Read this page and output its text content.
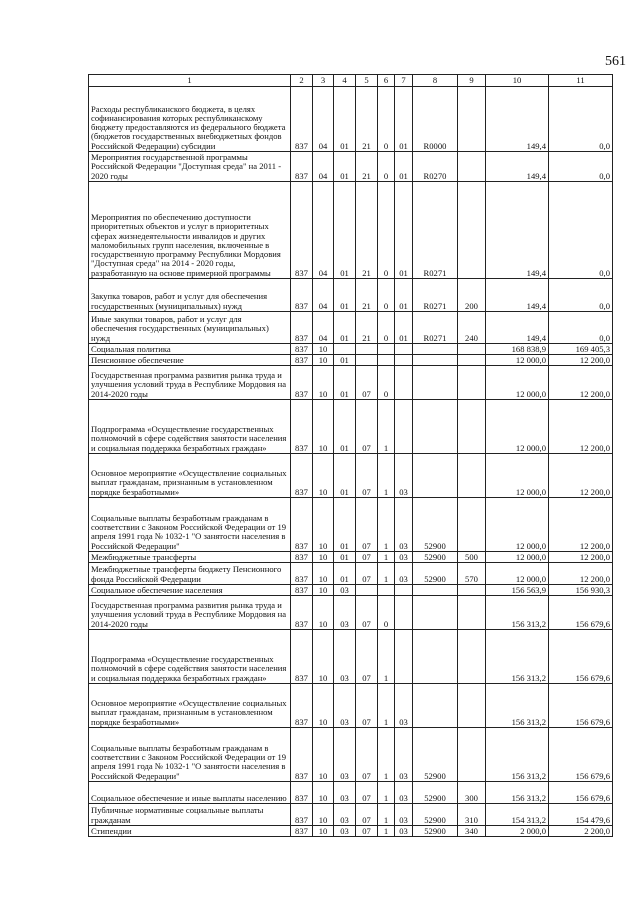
561
1	2	3	4	5	6	7	8	9	10	11
Расходы республиканского бюджета, в целях софинансирования которых республиканскому бюджету предоставляются из федерального бюджета (бюджетов государственных внебюджетных фондов Российской Федерации) субсидии	837	04	01	21	0	01	R0000		149,4	0,0
Мероприятия государственной программы Российской Федерации "Доступная среда" на 2011 - 2020 годы	837	04	01	21	0	01	R0270		149,4	0,0
Мероприятия по обеспечению доступности приоритетных объектов и услуг в приоритетных сферах жизнедеятельности инвалидов и других маломобильных групп населения, включенные в государственную программу Республики Мордовия "Доступная среда" на 2014 - 2020 годы, разработанную на основе примерной программы	837	04	01	21	0	01	R0271		149,4	0,0
Закупка товаров, работ и услуг для обеспечения государственных (муниципальных) нужд	837	04	01	21	0	01	R0271	200	149,4	0,0
Иные закупки товаров, работ и услуг для обеспечения государственных (муниципальных) нужд	837	04	01	21	0	01	R0271	240	149,4	0,0
Социальная политика	837	10							168 838,9	169 405,3
Пенсионное обеспечение	837	10	01						12 000,0	12 200,0
Государственная программа развития рынка труда и улучшения условий труда в Республике Мордовия на 2014-2020 годы	837	10	01	07	0				12 000,0	12 200,0
Подпрограмма «Осуществление государственных полномочий в сфере содействия занятости населения и социальная поддержка безработных граждан»	837	10	01	07	1				12 000,0	12 200,0
Основное мероприятие «Осуществление социальных выплат гражданам, признанным в установленном порядке безработными»	837	10	01	07	1	03			12 000,0	12 200,0
Социальные выплаты безработным гражданам в соответствии с Законом Российской Федерации от 19 апреля 1991 года № 1032-1 "О занятости населения в Российской Федерации"	837	10	01	07	1	03	52900		12 000,0	12 200,0
Межбюджетные трансферты	837	10	01	07	1	03	52900	500	12 000,0	12 200,0
Межбюджетные трансферты бюджету Пенсионного фонда Российской Федерации	837	10	01	07	1	03	52900	570	12 000,0	12 200,0
Социальное обеспечение населения	837	10	03						156 563,9	156 930,3
Государственная программа развития рынка труда и улучшения условий труда в Республике Мордовия на 2014-2020 годы	837	10	03	07	0				156 313,2	156 679,6
Подпрограмма «Осуществление государственных полномочий в сфере содействия занятости населения и социальная поддержка безработных граждан»	837	10	03	07	1				156 313,2	156 679,6
Основное мероприятие «Осуществление социальных выплат гражданам, признанным в установленном порядке безработными»	837	10	03	07	1	03			156 313,2	156 679,6
Социальные выплаты безработным гражданам в соответствии с Законом Российской Федерации от 19 апреля 1991 года № 1032-1 "О занятости населения в Российской Федерации"	837	10	03	07	1	03	52900		156 313,2	156 679,6
Социальное обеспечение и иные выплаты населению	837	10	03	07	1	03	52900	300	156 313,2	156 679,6
Публичные нормативные социальные выплаты гражданам	837	10	03	07	1	03	52900	310	154 313,2	154 479,6
Стипендии	837	10	03	07	1	03	52900	340	2 000,0	2 200,0
